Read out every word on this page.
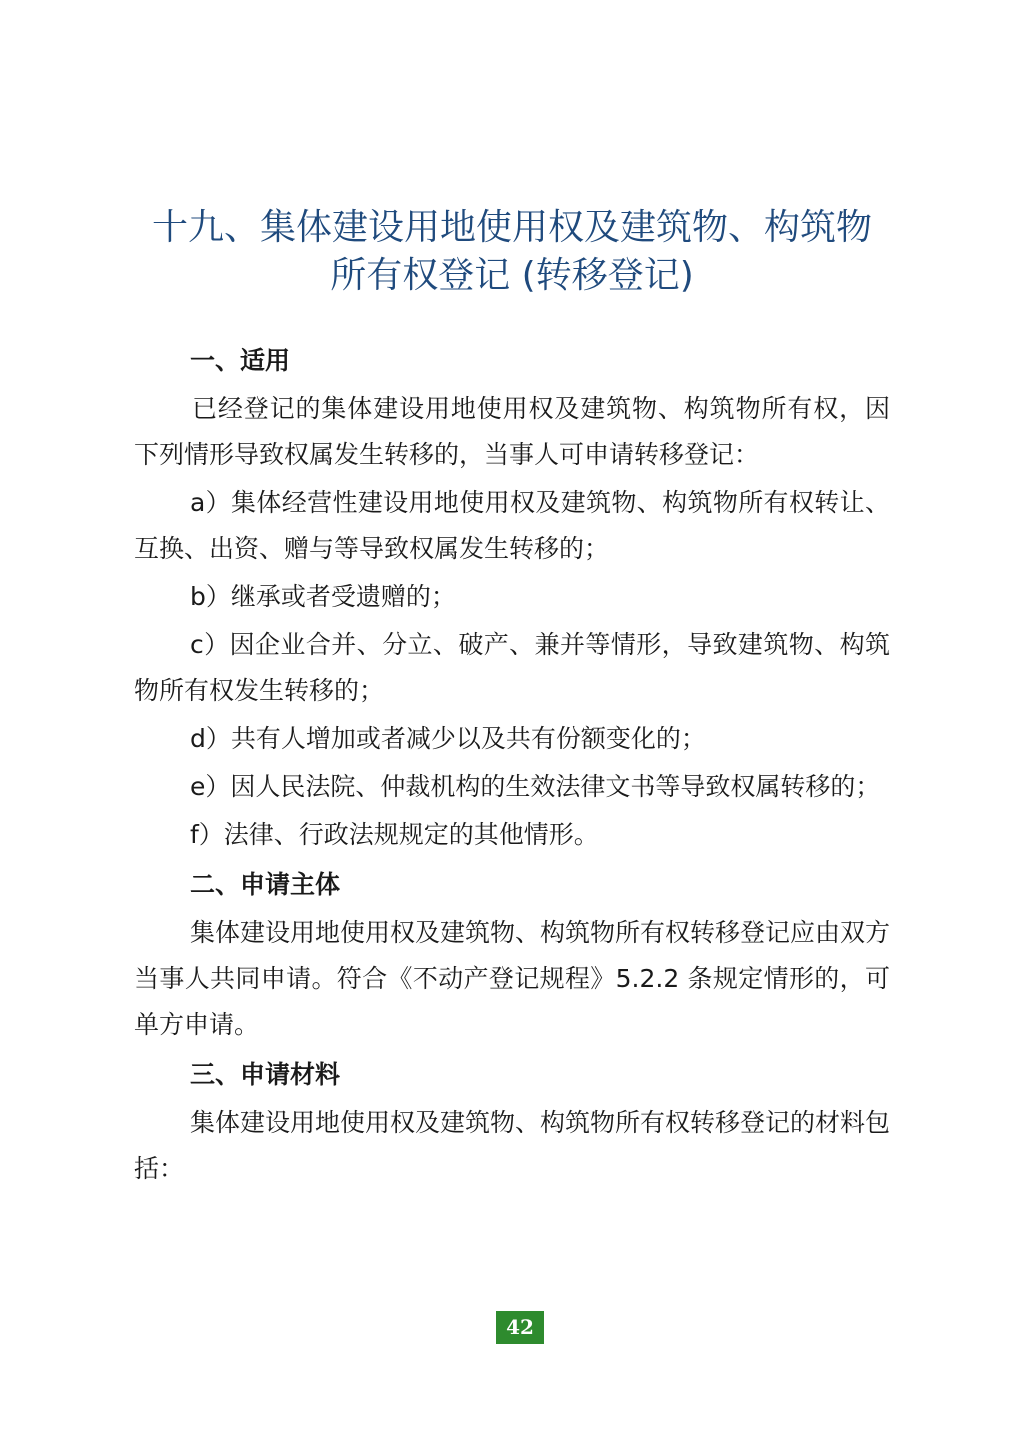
十九、集体建设用地使用权及建筑物、构筑物
所有权登记 (转移登记)

一、适用

已经登记的集体建设用地使用权及建筑物、构筑物所有权，因下列情形导致权属发生转移的，当事人可申请转移登记：

a）集体经营性建设用地使用权及建筑物、构筑物所有权转让、互换、出资、赠与等导致权属发生转移的；

b）继承或者受遗赠的；

c）因企业合并、分立、破产、兼并等情形，导致建筑物、构筑物所有权发生转移的；

d）共有人增加或者减少以及共有份额变化的；

e）因人民法院、仲裁机构的生效法律文书等导致权属转移的；

f）法律、行政法规规定的其他情形。

二、申请主体

集体建设用地使用权及建筑物、构筑物所有权转移登记应由双方当事人共同申请。符合《不动产登记规程》5.2.2 条规定情形的，可单方申请。

三、申请材料

集体建设用地使用权及建筑物、构筑物所有权转移登记的材料包括：

42
